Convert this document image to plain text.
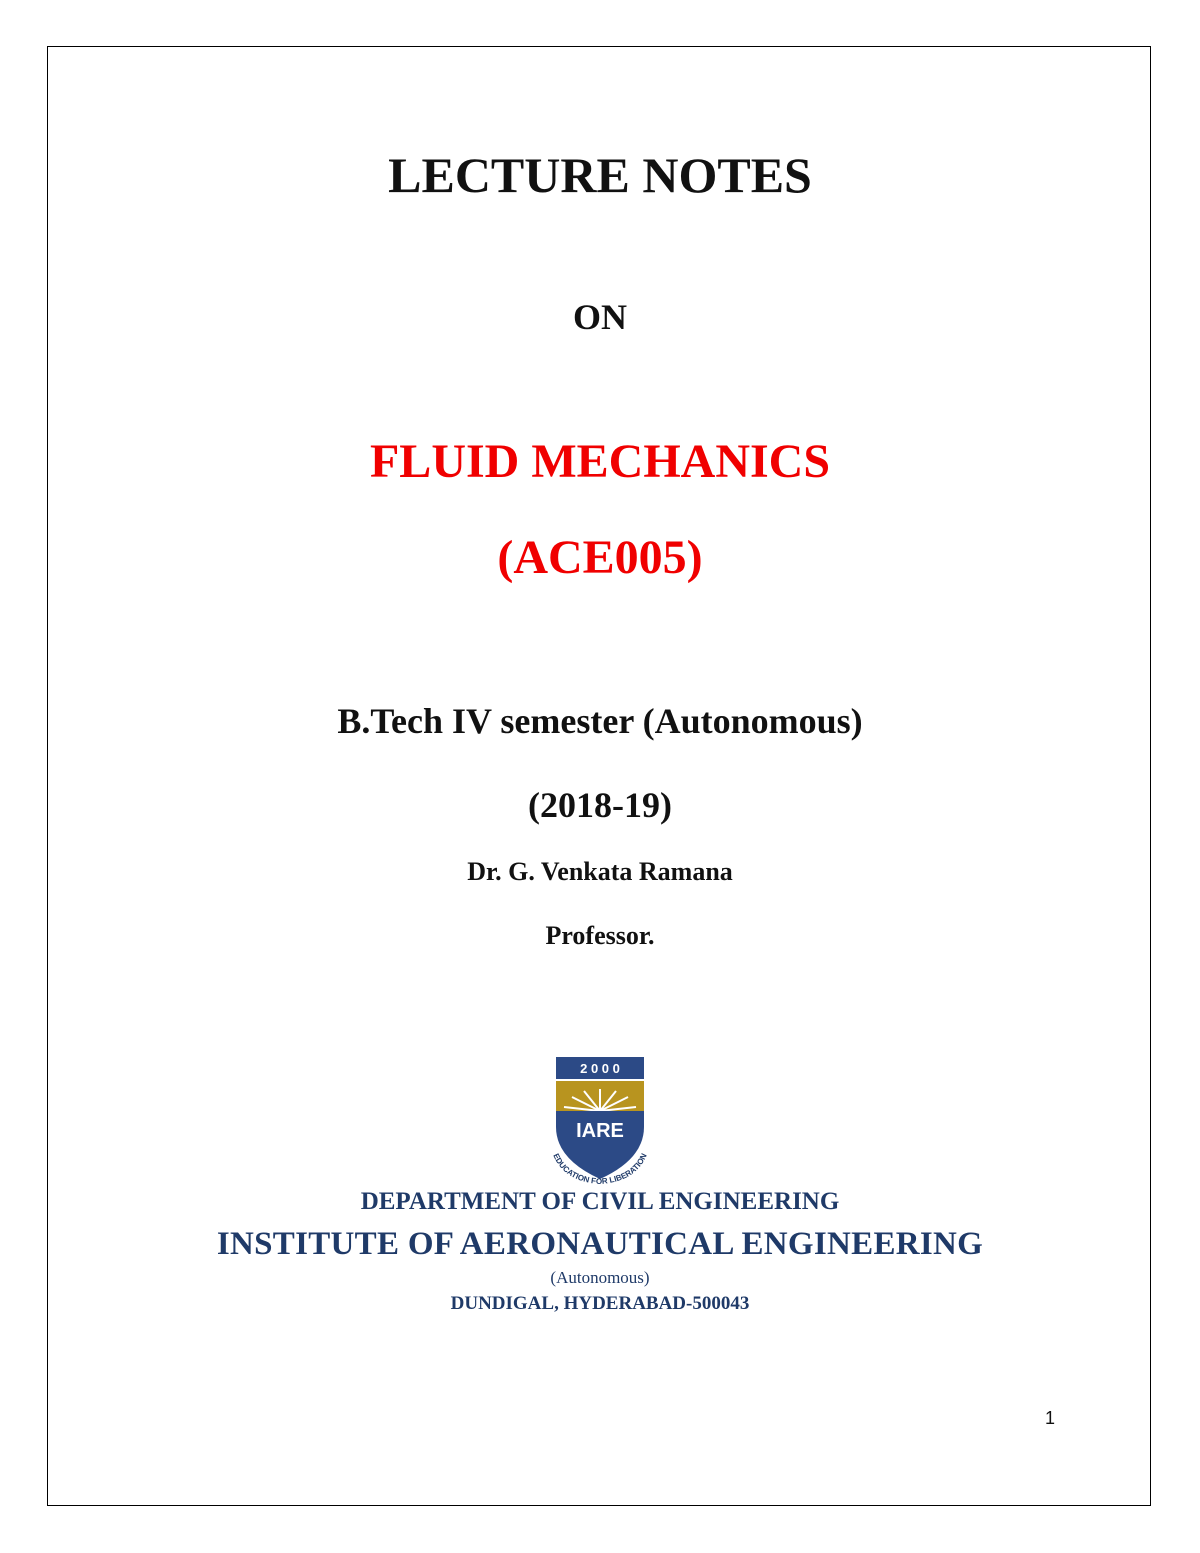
LECTURE NOTES
ON
FLUID MECHANICS
(ACE005)
B.Tech IV semester (Autonomous)
(2018-19)
Dr. G. Venkata Ramana
Professor.
2 0 0 0
IARE
EDUCATION FOR LIBERATION
DEPARTMENT OF CIVIL ENGINEERING
INSTITUTE OF AERONAUTICAL ENGINEERING
(Autonomous)
DUNDIGAL, HYDERABAD-500043
1
